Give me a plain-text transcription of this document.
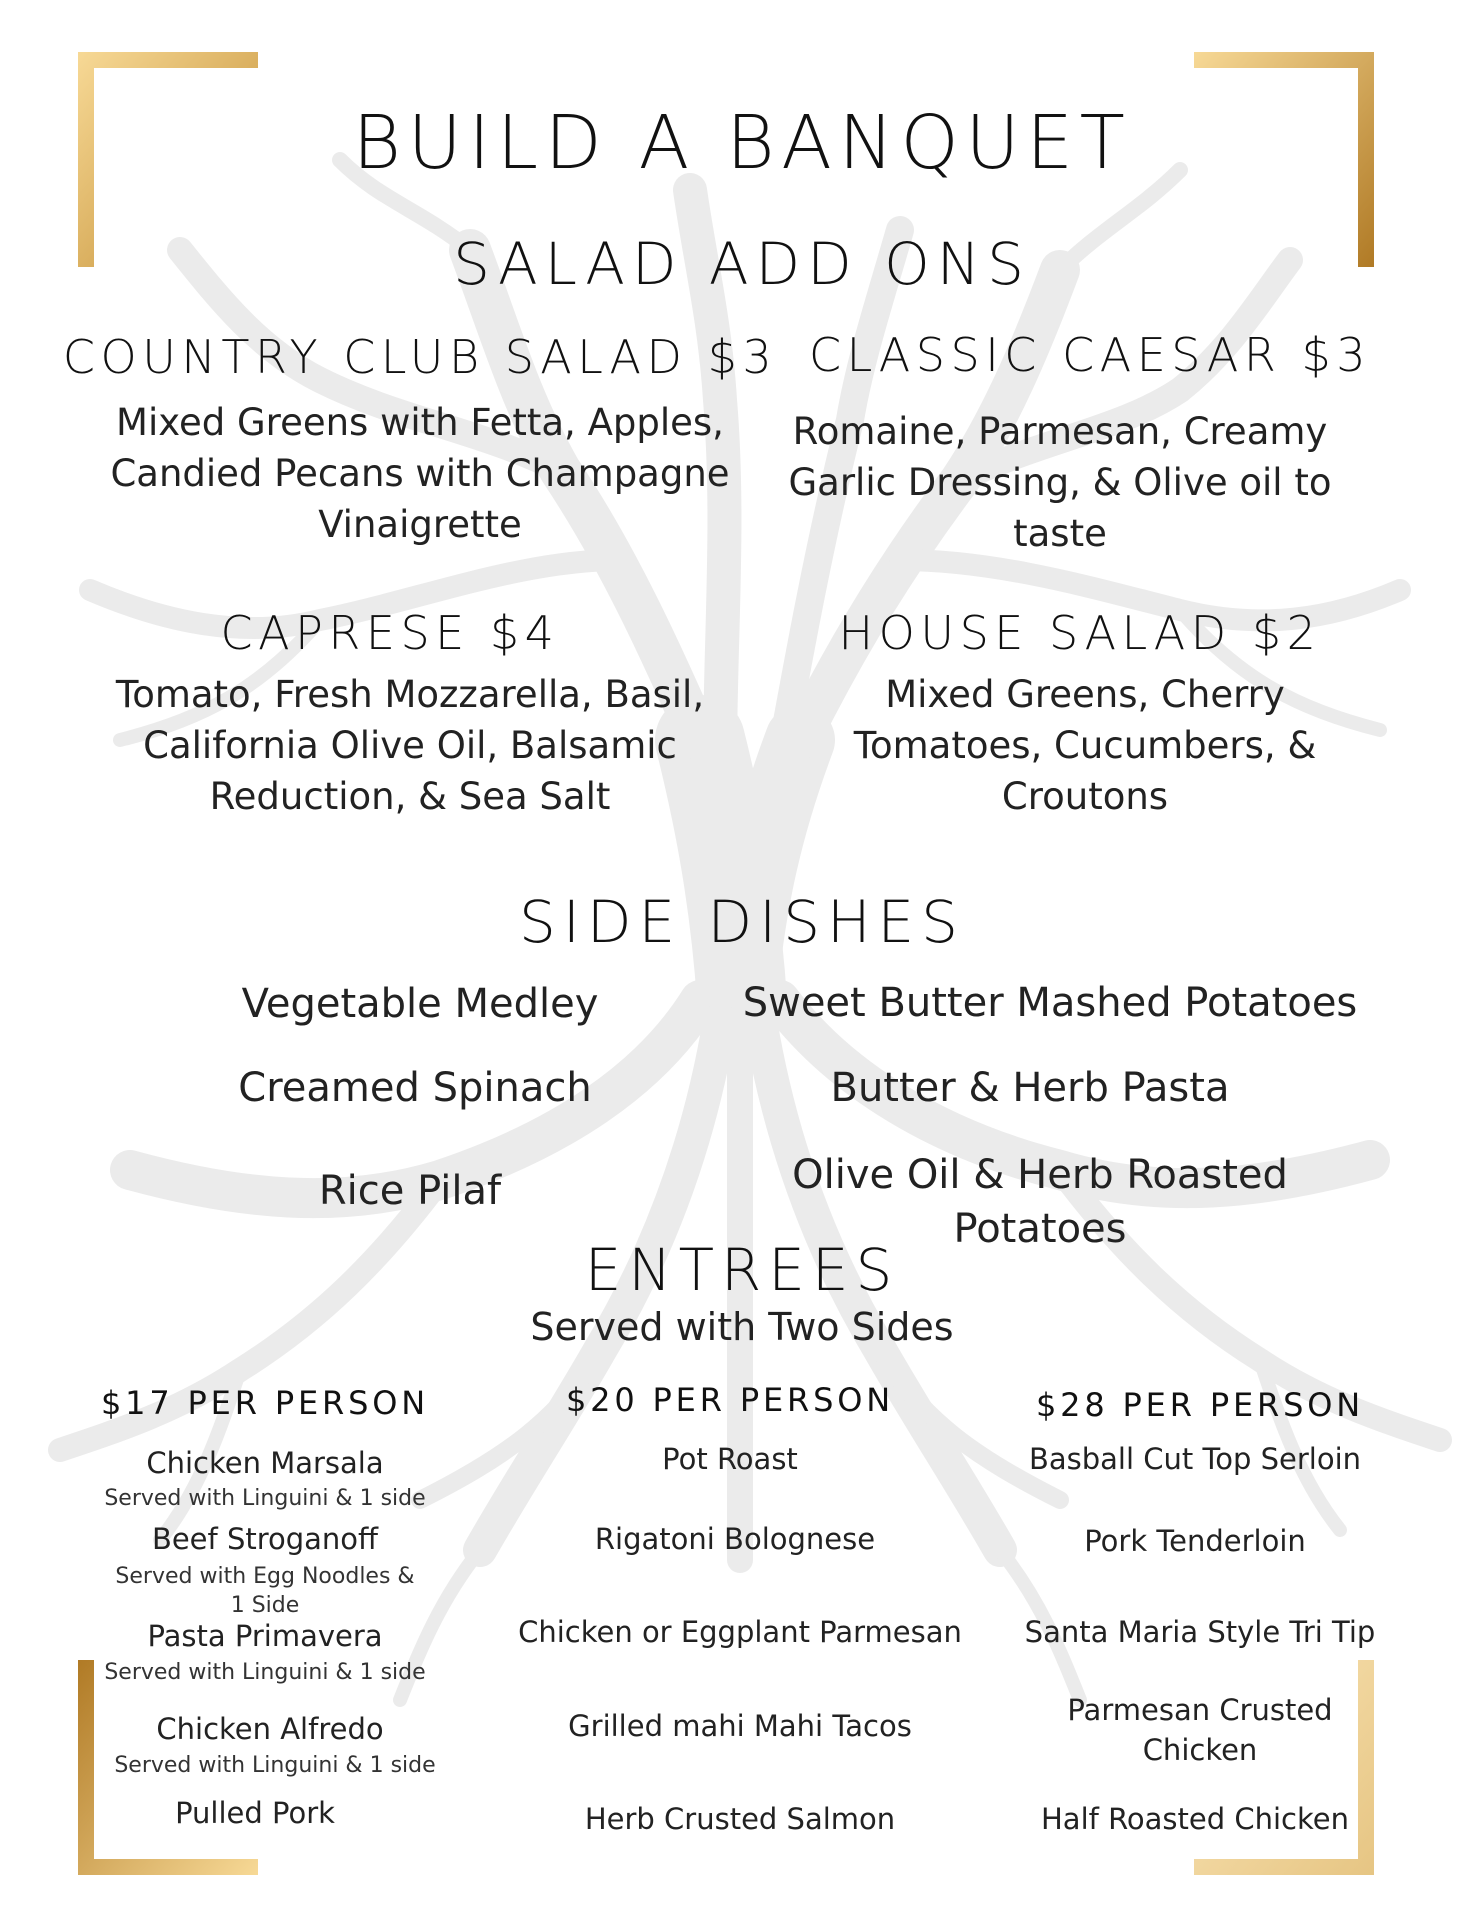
BUILD A BANQUET
SALAD ADD ONS
COUNTRY CLUB SALAD $3
Mixed Greens with Fetta, Apples, Candied Pecans with Champagne Vinaigrette
CLASSIC CAESAR $3
Romaine, Parmesan, Creamy Garlic Dressing, & Olive oil to taste
CAPRESE $4
Tomato, Fresh Mozzarella, Basil, California Olive Oil, Balsamic Reduction, & Sea Salt
HOUSE SALAD $2
Mixed Greens, Cherry Tomatoes, Cucumbers, & Croutons
SIDE DISHES
Vegetable Medley	Sweet Butter Mashed Potatoes
Creamed Spinach	Butter & Herb Pasta
Rice Pilaf	Olive Oil & Herb Roasted Potatoes
ENTREES
Served with Two Sides
$17 PER PERSON
Chicken Marsala
Served with Linguini & 1 side
Beef Stroganoff
Served with Egg Noodles & 1 Side
Pasta Primavera
Served with Linguini & 1 side
Chicken Alfredo
Served with Linguini & 1 side
Pulled Pork
$20 PER PERSON
Pot Roast
Rigatoni Bolognese
Chicken or Eggplant Parmesan
Grilled mahi Mahi Tacos
Herb Crusted Salmon
$28 PER PERSON
Basball Cut Top Serloin
Pork Tenderloin
Santa Maria Style Tri Tip
Parmesan Crusted Chicken
Half Roasted Chicken
